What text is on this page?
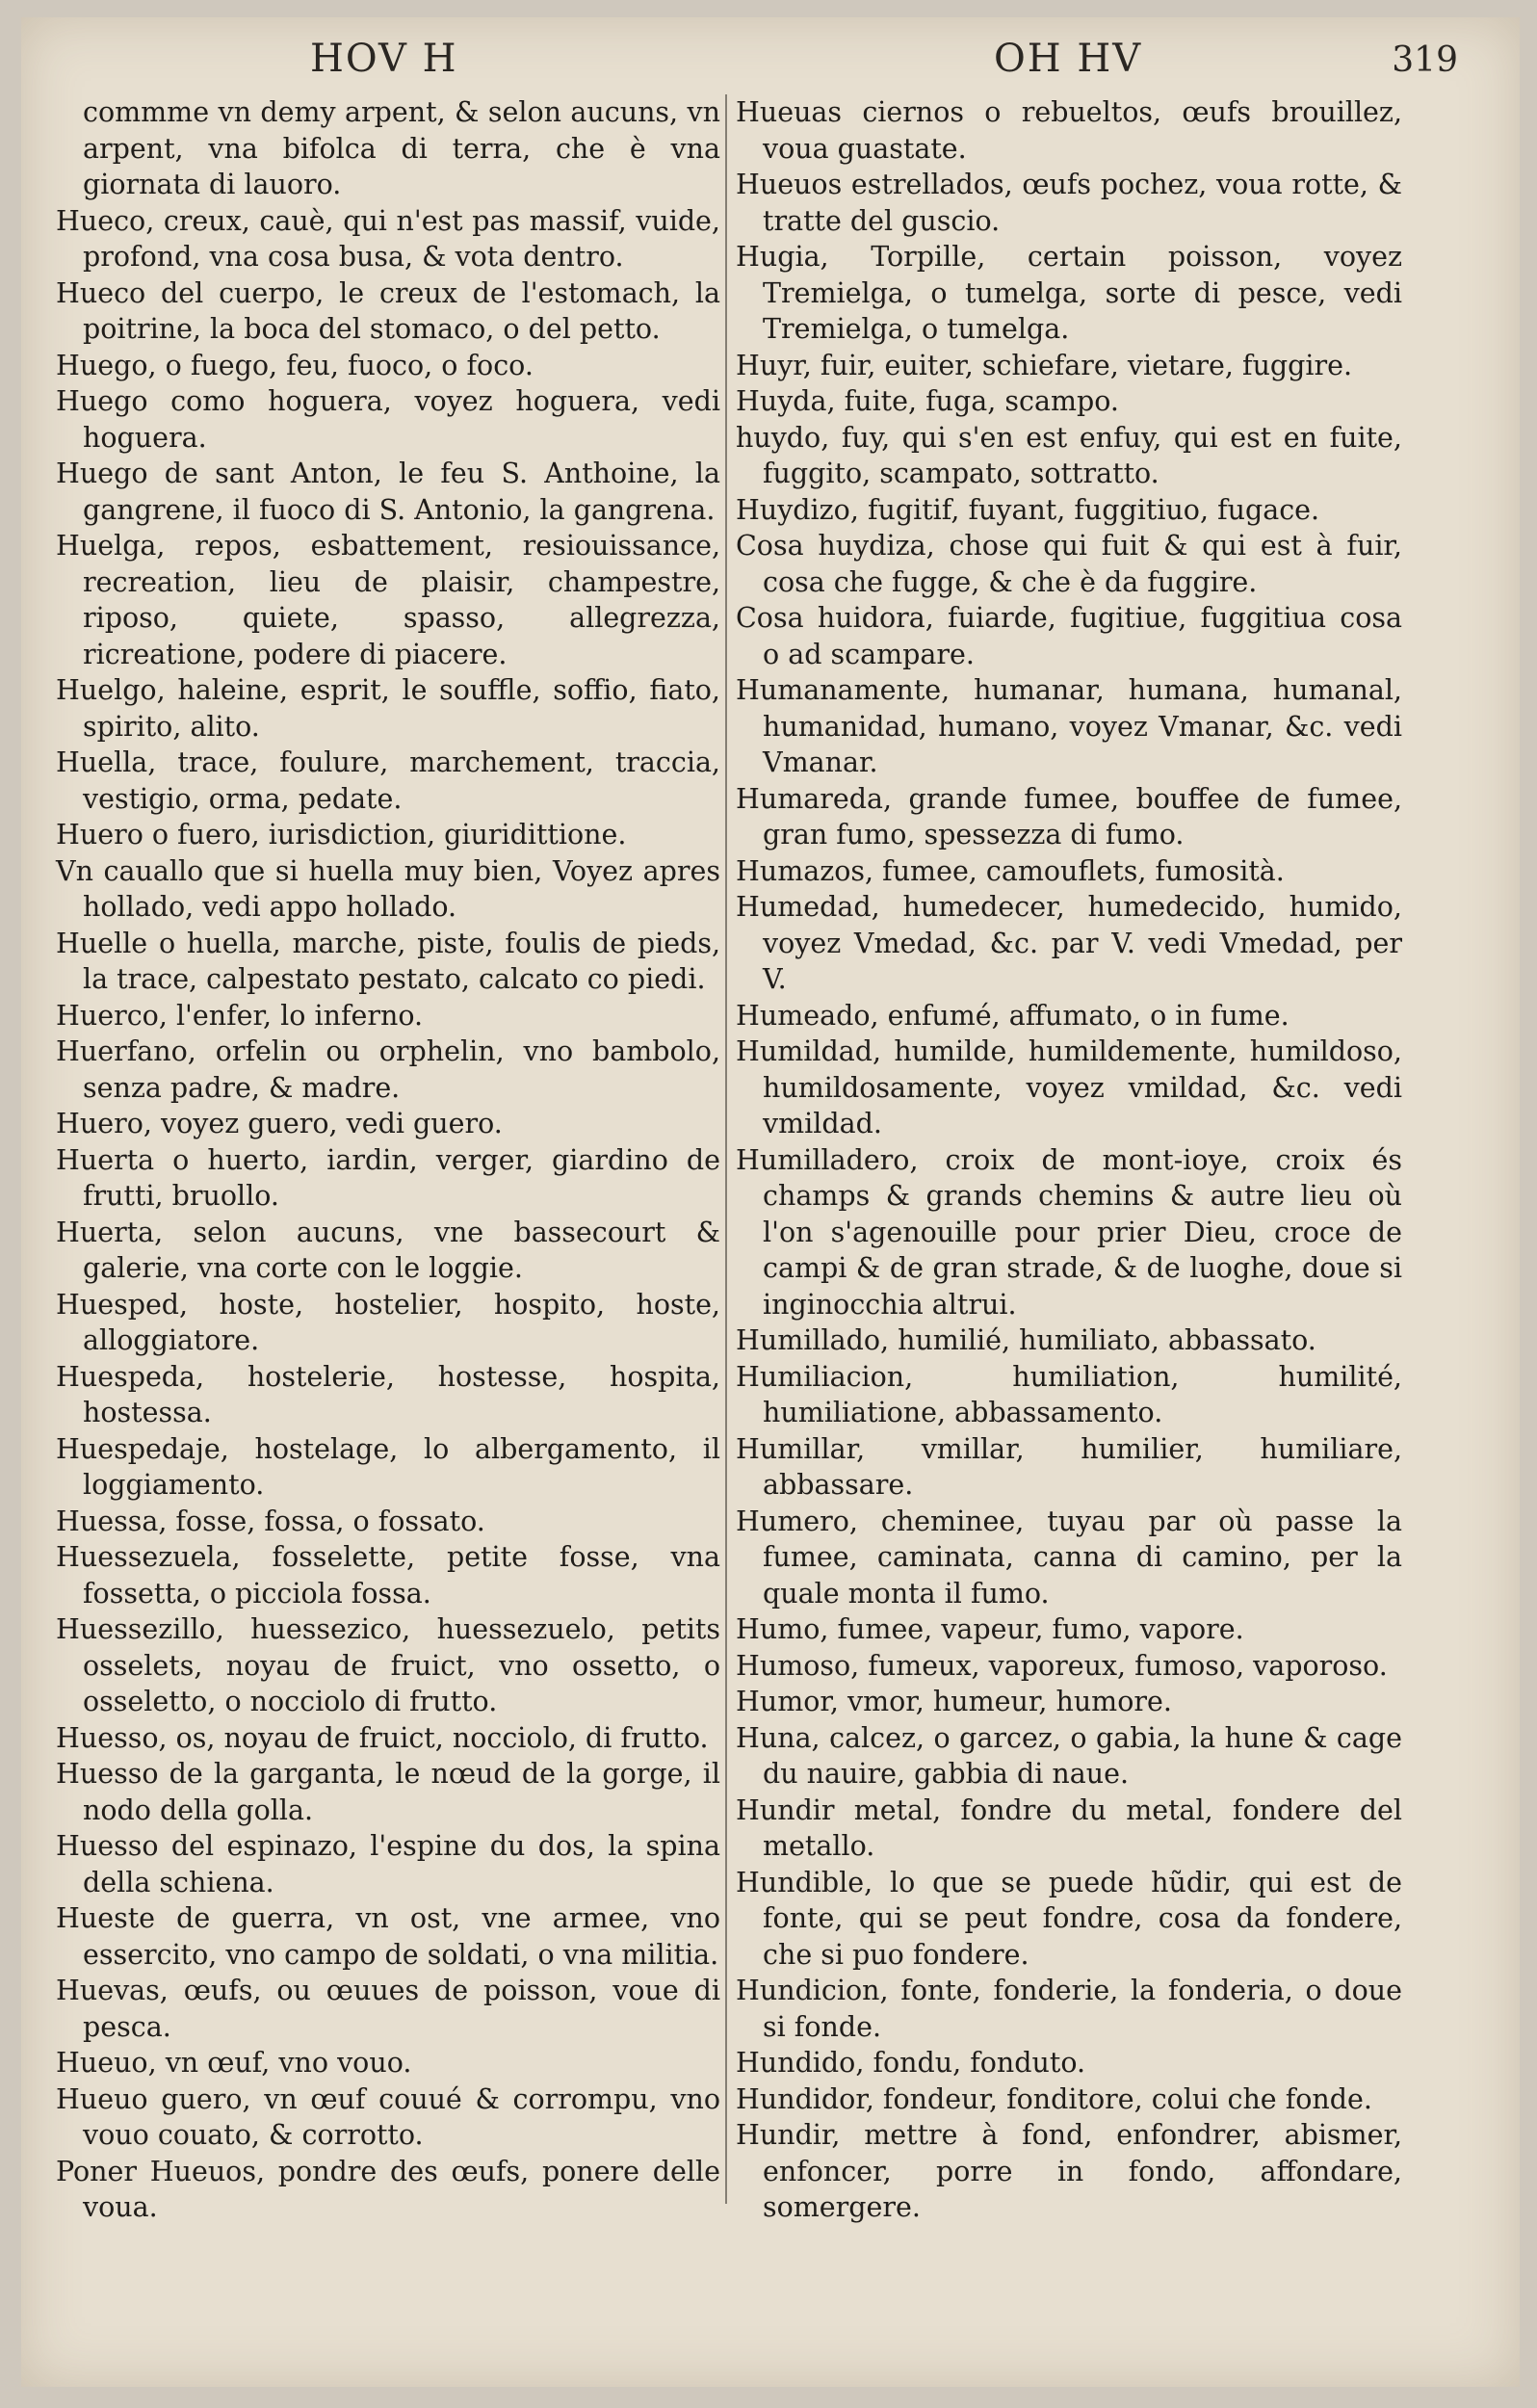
HOV H	OH HV	319

commme vn demy arpent, & selon aucuns, vn arpent, vna bifolca di terra, che è vna giornata di lauoro.

Hueco, creux, cauè, qui n'est pas massif, vuide, profond, vna cosa busa, & vota dentro.

Hueco del cuerpo, le creux de l'estomach, la poitrine, la boca del stomaco, o del petto.

Huego, o fuego, feu, fuoco, o foco.

Huego como hoguera, voyez hoguera, vedi hoguera.

Huego de sant Anton, le feu S. Anthoine, la gangrene, il fuoco di S. Antonio, la gangrena.

Huelga, repos, esbattement, resiouissance, recreation, lieu de plaisir, champestre, riposo, quiete, spasso, allegrezza, ricreatione, podere di piacere.

Huelgo, haleine, esprit, le souffle, soffio, fiato, spirito, alito.

Huella, trace, foulure, marchement, traccia, vestigio, orma, pedate.

Huero o fuero, iurisdiction, giuridittione.

Vn cauallo que si huella muy bien, Voyez apres hollado, vedi appo hollado.

Huelle o huella, marche, piste, foulis de pieds, la trace, calpestato pestato, calcato co piedi.

Huerco, l'enfer, lo inferno.

Huerfano, orfelin ou orphelin, vno bambolo, senza padre, & madre.

Huero, voyez guero, vedi guero.

Huerta o huerto, iardin, verger, giardino de frutti, bruollo.

Huerta, selon aucuns, vne bassecourt & galerie, vna corte con le loggie.

Huesped, hoste, hostelier, hospito, hoste, alloggiatore.

Huespeda, hostelerie, hostesse, hospita, hostessa.

Huespedaje, hostelage, lo albergamento, il loggiamento.

Huessa, fosse, fossa, o fossato.

Huessezuela, fosselette, petite fosse, vna fossetta, o picciola fossa.

Huessezillo, huessezico, huessezuelo, petits osselets, noyau de fruict, vno ossetto, o osseletto, o nocciolo di frutto.

Huesso, os, noyau de fruict, nocciolo, di frutto.

Huesso de la garganta, le nœud de la gorge, il nodo della golla.

Huesso del espinazo, l'espine du dos, la spina della schiena.

Hueste de guerra, vn ost, vne armee, vno essercito, vno campo de soldati, o vna militia.

Huevas, œufs, ou œuues de poisson, voue di pesca.

Hueuo, vn œuf, vno vouo.

Hueuo guero, vn œuf couué & corrompu, vno vouo couato, & corrotto.

Poner Hueuos, pondre des œufs, ponere delle voua.

Hueuas ciernos o rebueltos, œufs brouillez, voua guastate.

Hueuos estrellados, œufs pochez, voua rotte, & tratte del guscio.

Hugia, Torpille, certain poisson, voyez Tremielga, o tumelga, sorte di pesce, vedi Tremielga, o tumelga.

Huyr, fuir, euiter, schiefare, vietare, fuggire.

Huyda, fuite, fuga, scampo.

huydo, fuy, qui s'en est enfuy, qui est en fuite, fuggito, scampato, sottratto.

Huydizo, fugitif, fuyant, fuggitiuo, fugace.

Cosa huydiza, chose qui fuit & qui est à fuir, cosa che fugge, & che è da fuggire.

Cosa huidora, fuiarde, fugitiue, fuggitiua cosa o ad scampare.

Humanamente, humanar, humana, humanal, humanidad, humano, voyez Vmanar, &c. vedi Vmanar.

Humareda, grande fumee, bouffee de fumee, gran fumo, spessezza di fumo.

Humazos, fumee, camouflets, fumosità.

Humedad, humedecer, humedecido, humido, voyez Vmedad, &c. par V. vedi Vmedad, per V.

Humeado, enfumé, affumato, o in fume.

Humildad, humilde, humildemente, humildoso, humildosamente, voyez vmildad, &c. vedi vmildad.

Humilladero, croix de mont-ioye, croix és champs & grands chemins & autre lieu où l'on s'agenouille pour prier Dieu, croce de campi & de gran strade, & de luoghe, doue si inginocchia altrui.

Humillado, humilié, humiliato, abbassato.

Humiliacion, humiliation, humilité, humiliatione, abbassamento.

Humillar, vmillar, humilier, humiliare, abbassare.

Humero, cheminee, tuyau par où passe la fumee, caminata, canna di camino, per la quale monta il fumo.

Humo, fumee, vapeur, fumo, vapore.

Humoso, fumeux, vaporeux, fumoso, vaporoso.

Humor, vmor, humeur, humore.

Huna, calcez, o garcez, o gabia, la hune & cage du nauire, gabbia di naue.

Hundir metal, fondre du metal, fondere del metallo.

Hundible, lo que se puede hũdir, qui est de fonte, qui se peut fondre, cosa da fondere, che si puo fondere.

Hundicion, fonte, fonderie, la fonderia, o doue si fonde.

Hundido, fondu, fonduto.

Hundidor, fondeur, fonditore, colui che fonde.

Hundir, mettre à fond, enfondrer, abismer, enfoncer, porre in fondo, affondare, somergere.
